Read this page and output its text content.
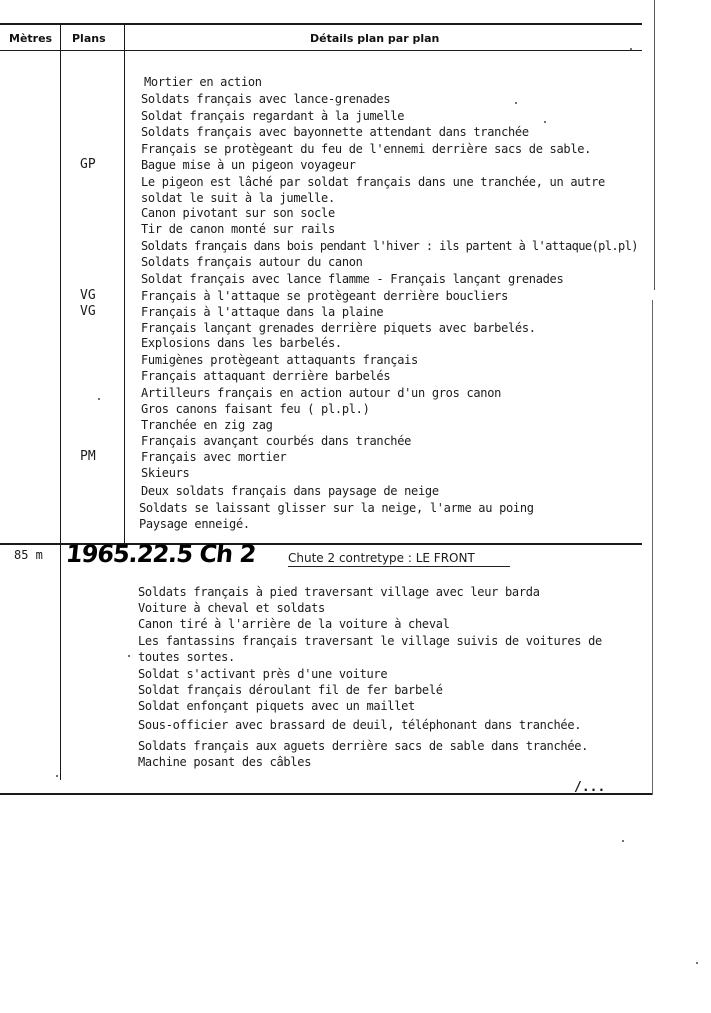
Mètres Plans	Détails plan par plan
Mortier en action
Soldats français avec lance-grenades
Soldat français regardant à la jumelle
Soldats français avec bayonnette attendant dans tranchée
Français se protègeant du feu de l'ennemi derrière sacs de sable.
Bague mise à un pigeon voyageur
Le pigeon est lâché par soldat français dans une tranchée, un autre
soldat le suit à la jumelle.
Canon pivotant sur son socle
Tir de canon monté sur rails
Soldats français dans bois pendant l'hiver : ils partent à l'attaque(pl.pl)
Soldats français autour du canon
Soldat français avec lance flamme - Français lançant grenades
Français à l'attaque se protègeant derrière boucliers
Français à l'attaque dans la plaine
Français lançant grenades derrière piquets avec barbelés.
Explosions dans les barbelés.
Fumigènes protègeant attaquants français
Français attaquant derrière barbelés
Artilleurs français en action autour d'un gros canon
Gros canons faisant feu ( pl.pl.)
Tranchée en zig zag
Français avançant courbés dans tranchée
Français avec mortier
Skieurs
Deux soldats français dans paysage de neige
Soldats se laissant glisser sur la neige, l'arme au poing
Paysage enneigé.
GP
VG
VG
PM
85 m 1965.22.5 Ch 2	Chute 2 contretype : LE FRONT
Soldats français à pied traversant village avec leur barda
Voiture à cheval et soldats
Canon tiré à l'arrière de la voiture à cheval
Les fantassins français traversant le village suivis de voitures de
toutes sortes.
Soldat s'activant près d'une voiture
Soldat français déroulant fil de fer barbelé
Soldat enfonçant piquets avec un maillet
Sous-officier avec brassard de deuil, téléphonant dans tranchée.
Soldats français aux aguets derrière sacs de sable dans tranchée.
Machine posant des câbles
/...
